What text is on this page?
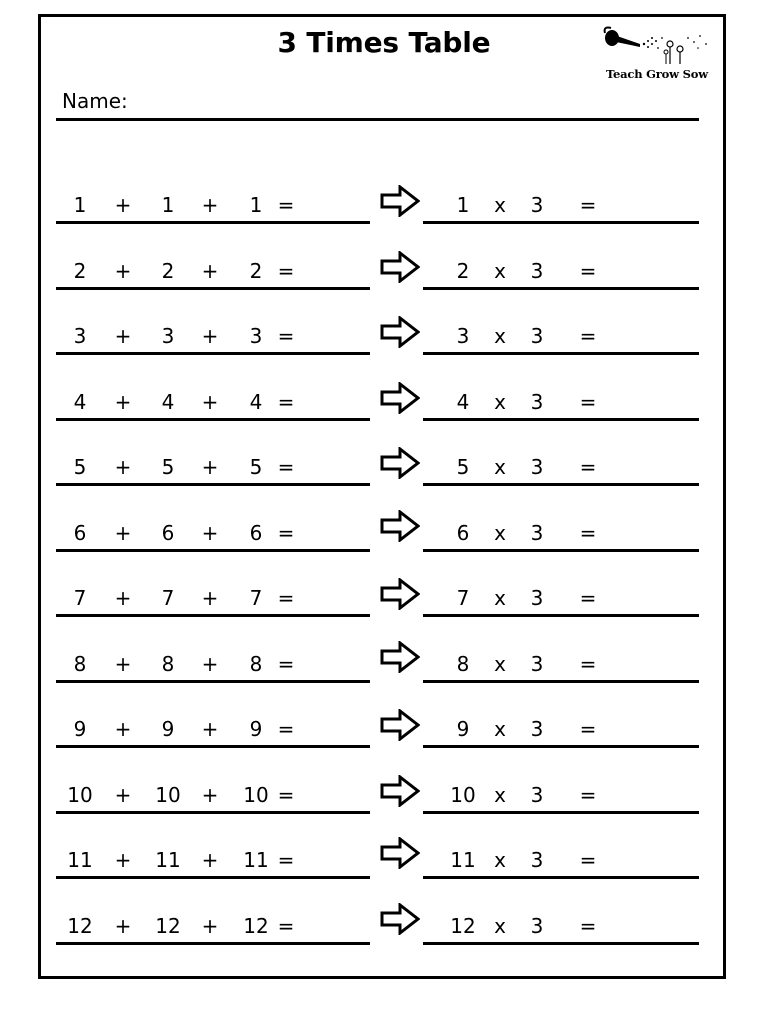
3 Times Table
Teach Grow Sow
Name:
1	+	1	+	1 =	1	x	3	=
2	+	2	+	2 =	2	x	3	=
3	+	3	+	3 =	3	x	3	=
4	+	4	+	4 =	4	x	3	=
5	+	5	+	5 =	5	x	3	=
6	+	6	+	6 =	6	x	3	=
7	+	7	+	7 =	7	x	3	=
8	+	8	+	8 =	8	x	3	=
9	+	9	+	9 =	9	x	3	=
10	+	10	+	10 =	10 x	3	=
11	+	11	+	11 =	11 x	3	=
12	+	12	+	12 =	12 x	3	=
